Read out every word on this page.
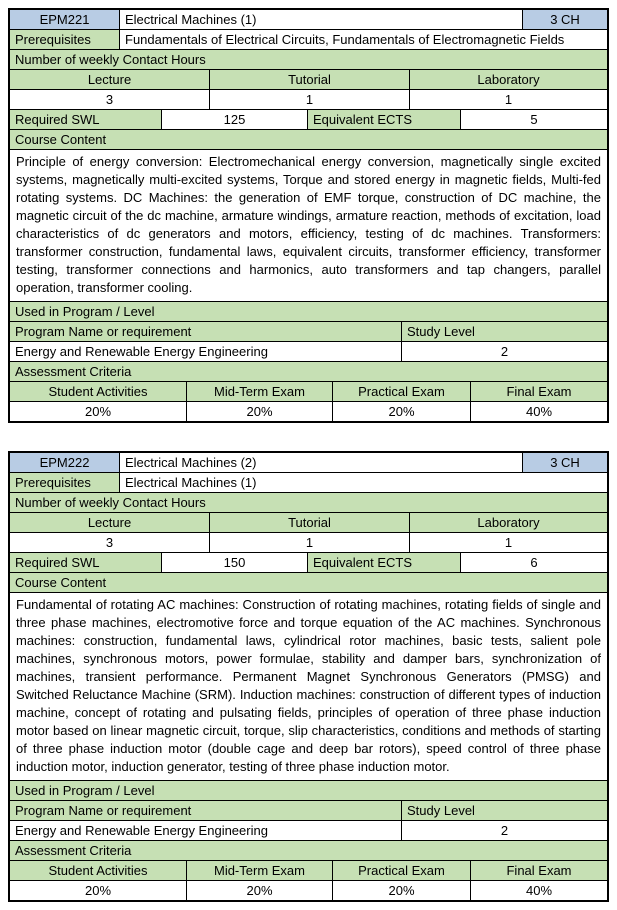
EPM221	Electrical Machines (1)	3 CH
Prerequisites	Fundamentals of Electrical Circuits, Fundamentals of Electromagnetic Fields
Number of weekly Contact Hours
Lecture	Tutorial	Laboratory
3	1	1
Required SWL	125	Equivalent ECTS	5
Course Content
Principle of energy conversion: Electromechanical energy conversion, magnetically single excited systems, magnetically multi-excited systems, Torque and stored energy in magnetic fields, Multi-fed rotating systems. DC Machines: the generation of EMF torque, construction of DC machine, the magnetic circuit of the dc machine, armature windings, armature reaction, methods of excitation, load characteristics of dc generators and motors, efficiency, testing of dc machines. Transformers: transformer construction, fundamental laws, equivalent circuits, transformer efficiency, transformer testing, transformer connections and harmonics, auto transformers and tap changers, parallel operation, transformer cooling.
Used in Program / Level
Program Name or requirement	Study Level
Energy and Renewable Energy Engineering	2
Assessment Criteria
Student Activities	Mid-Term Exam	Practical Exam	Final Exam
20%	20%	20%	40%
EPM222	Electrical Machines (2)	3 CH
Prerequisites	Electrical Machines (1)
Number of weekly Contact Hours
Lecture	Tutorial	Laboratory
3	1	1
Required SWL	150	Equivalent ECTS	6
Course Content
Fundamental of rotating AC machines: Construction of rotating machines, rotating fields of single and three phase machines, electromotive force and torque equation of the AC machines. Synchronous machines: construction, fundamental laws, cylindrical rotor machines, basic tests, salient pole machines, synchronous motors, power formulae, stability and damper bars, synchronization of machines, transient performance. Permanent Magnet Synchronous Generators (PMSG) and Switched Reluctance Machine (SRM). Induction machines: construction of different types of induction machine, concept of rotating and pulsating fields, principles of operation of three phase induction motor based on linear magnetic circuit, torque, slip characteristics, conditions and methods of starting of three phase induction motor (double cage and deep bar rotors), speed control of three phase induction motor, induction generator, testing of three phase induction motor.
Used in Program / Level
Program Name or requirement	Study Level
Energy and Renewable Energy Engineering	2
Assessment Criteria
Student Activities	Mid-Term Exam	Practical Exam	Final Exam
20%	20%	20%	40%
